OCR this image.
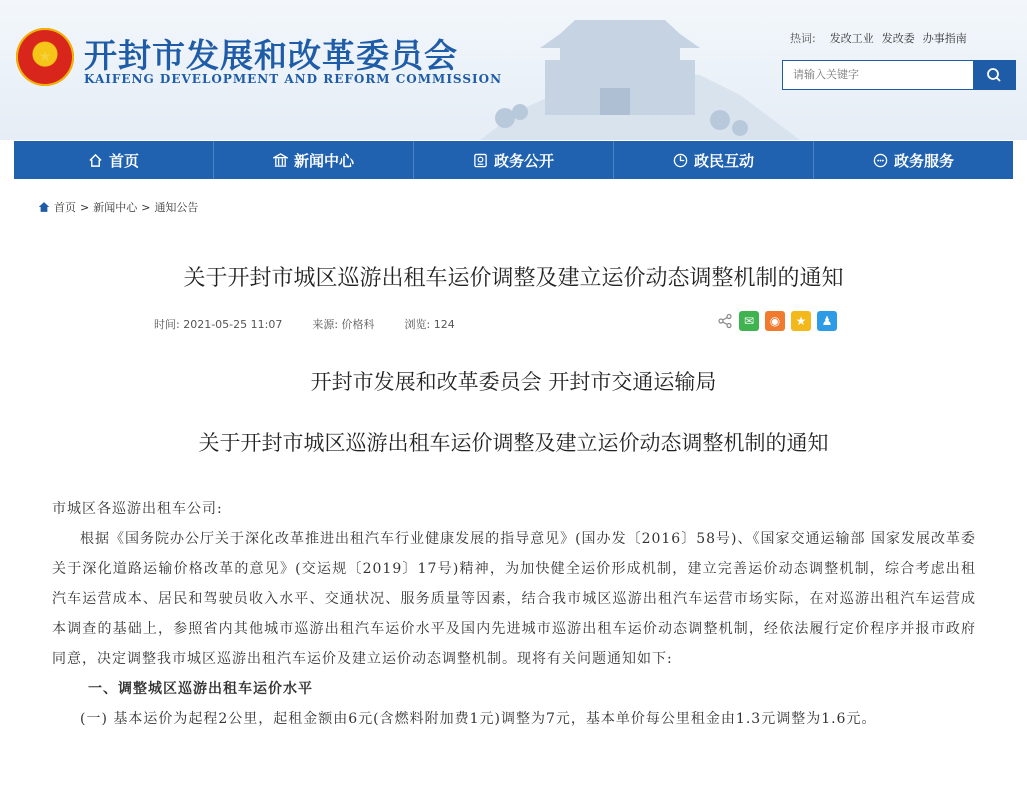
★ 开封市发展和改革委员会
KAIFENG DEVELOPMENT AND REFORM COMMISSION
热词: 发改工业 发改委 办事指南
请输入关键字
首页	新闻中心	政务公开	政民互动	政务服务
首页 > 新闻中心 > 通知公告
关于开封市城区巡游出租车运价调整及建立运价动态调整机制的通知
时间: 2021-05-25 11:07	来源: 价格科	浏览: 124	✉	◉	★	♟
开封市发展和改革委员会 开封市交通运输局
关于开封市城区巡游出租车运价调整及建立运价动态调整机制的通知

市城区各巡游出租车公司:

根据《国务院办公厅关于深化改革推进出租汽车行业健康发展的指导意见》(国办发〔2016〕58号)、《国家交通运输部 国家发展改革委关于深化道路运输价格改革的意见》(交运规〔2019〕17号)精神，为加快健全运价形成机制，建立完善运价动态调整机制，综合考虑出租汽车运营成本、居民和驾驶员收入水平、交通状况、服务质量等因素，结合我市城区巡游出租汽车运营市场实际，在对巡游出租汽车运营成本调查的基础上，参照省内其他城市巡游出租汽车运价水平及国内先进城市巡游出租车运价动态调整机制，经依法履行定价程序并报市政府同意，决定调整我市城区巡游出租汽车运价及建立运价动态调整机制。现将有关问题通知如下:

一、调整城区巡游出租车运价水平

(一) 基本运价为起程2公里，起租金额由6元(含燃料附加费1元)调整为7元，基本单价每公里租金由1.3元调整为1.6元。
